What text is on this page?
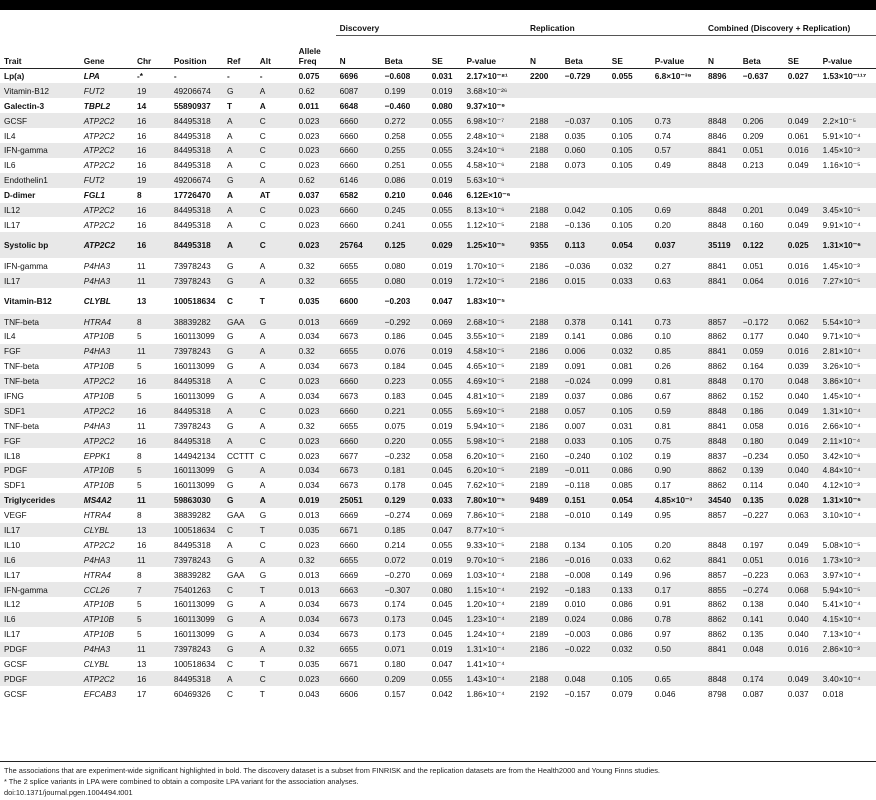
							Discovery				Replication				Combined (Discovery + Replication)			
Trait	Gene	Chr	Position	Ref	Alt	Allele Freq	N	Beta	SE	P-value	N	Beta	SE	P-value	N	Beta	SE	P-value
Lp(a)	LPA	-*	-	-	-	0.075	6696	−0.608	0.031	2.17×10⁻⁸¹	2200	−0.729	0.055	6.8×10⁻³⁹	8896	−0.637	0.027	1.53×10⁻¹¹⁷
Vitamin-B12	FUT2	19	49206674	G	A	0.62	6087	0.199	0.019	3.68×10⁻²⁶								
Galectin-3	TBPL2	14	55890937	T	A	0.011	6648	−0.460	0.080	9.37×10⁻⁹								
GCSF	ATP2C2	16	84495318	A	C	0.023	6660	0.272	0.055	6.98×10⁻⁷	2188	−0.037	0.105	0.73	8848	0.206	0.049	2.2×10⁻⁵
IL4	ATP2C2	16	84495318	A	C	0.023	6660	0.258	0.055	2.48×10⁻⁶	2188	0.035	0.105	0.74	8846	0.209	0.061	5.91×10⁻⁴
IFN-gamma	ATP2C2	16	84495318	A	C	0.023	6660	0.255	0.055	3.24×10⁻⁶	2188	0.060	0.105	0.57	8841	0.051	0.016	1.45×10⁻³
IL6	ATP2C2	16	84495318	A	C	0.023	6660	0.251	0.055	4.58×10⁻⁶	2188	0.073	0.105	0.49	8848	0.213	0.049	1.16×10⁻⁵
Endothelin1	FUT2	19	49206674	G	A	0.62	6146	0.086	0.019	5.63×10⁻⁶								
D-dimer	FGL1	8	17726470	A	AT	0.037	6582	0.210	0.046	6.12E×10⁻⁶								
IL12	ATP2C2	16	84495318	A	C	0.023	6660	0.245	0.055	8.13×10⁻⁶	2188	0.042	0.105	0.69	8848	0.201	0.049	3.45×10⁻⁵
IL17	ATP2C2	16	84495318	A	C	0.023	6660	0.241	0.055	1.12×10⁻⁵	2188	−0.136	0.105	0.20	8848	0.160	0.049	9.91×10⁻⁴
Systolic bp	ATP2C2	16	84495318	A	C	0.023	25764	0.125	0.029	1.25×10⁻⁵	9355	0.113	0.054	0.037	35119	0.122	0.025	1.31×10⁻⁶
IFN-gamma	P4HA3	11	73978243	G	A	0.32	6655	0.080	0.019	1.70×10⁻⁵	2186	−0.036	0.032	0.27	8841	0.051	0.016	1.45×10⁻³
IL17	P4HA3	11	73978243	G	A	0.32	6655	0.080	0.019	1.72×10⁻⁵	2186	0.015	0.033	0.63	8841	0.064	0.016	7.27×10⁻⁵
Vitamin-B12	CLYBL	13	100518634	C	T	0.035	6600	−0.203	0.047	1.83×10⁻⁵								
TNF-beta	HTRA4	8	38839282	GAA	G	0.013	6669	−0.292	0.069	2.68×10⁻⁵	2188	0.378	0.141	0.73	8857	−0.172	0.062	5.54×10⁻³
IL4	ATP10B	5	160113099	G	A	0.034	6673	0.186	0.045	3.55×10⁻⁵	2189	0.141	0.086	0.10	8862	0.177	0.040	9.71×10⁻⁶
FGF	P4HA3	11	73978243	G	A	0.32	6655	0.076	0.019	4.58×10⁻⁵	2186	0.006	0.032	0.85	8841	0.059	0.016	2.81×10⁻⁴
TNF-beta	ATP10B	5	160113099	G	A	0.034	6673	0.184	0.045	4.65×10⁻⁵	2189	0.091	0.081	0.26	8862	0.164	0.039	3.26×10⁻⁵
TNF-beta	ATP2C2	16	84495318	A	C	0.023	6660	0.223	0.055	4.69×10⁻⁵	2188	−0.024	0.099	0.81	8848	0.170	0.048	3.86×10⁻⁴
IFNG	ATP10B	5	160113099	G	A	0.034	6673	0.183	0.045	4.81×10⁻⁵	2189	0.037	0.086	0.67	8862	0.152	0.040	1.45×10⁻⁴
SDF1	ATP2C2	16	84495318	A	C	0.023	6660	0.221	0.055	5.69×10⁻⁵	2188	0.057	0.105	0.59	8848	0.186	0.049	1.31×10⁻⁴
TNF-beta	P4HA3	11	73978243	G	A	0.32	6655	0.075	0.019	5.94×10⁻⁵	2186	0.007	0.031	0.81	8841	0.058	0.016	2.66×10⁻⁴
FGF	ATP2C2	16	84495318	A	C	0.023	6660	0.220	0.055	5.98×10⁻⁵	2188	0.033	0.105	0.75	8848	0.180	0.049	2.11×10⁻⁴
IL18	EPPK1	8	144942134	CCTTT	C	0.023	6677	−0.232	0.058	6.20×10⁻⁵	2160	−0.240	0.102	0.19	8837	−0.234	0.050	3.42×10⁻⁶
PDGF	ATP10B	5	160113099	G	A	0.034	6673	0.181	0.045	6.20×10⁻⁵	2189	−0.011	0.086	0.90	8862	0.139	0.040	4.84×10⁻⁴
SDF1	ATP10B	5	160113099	G	A	0.034	6673	0.178	0.045	7.62×10⁻⁵	2189	−0.118	0.085	0.17	8862	0.114	0.040	4.12×10⁻³
Triglycerides	MS4A2	11	59863030	G	A	0.019	25051	0.129	0.033	7.80×10⁻⁵	9489	0.151	0.054	4.85×10⁻³	34540	0.135	0.028	1.31×10⁻⁶
VEGF	HTRA4	8	38839282	GAA	G	0.013	6669	−0.274	0.069	7.86×10⁻⁵	2188	−0.010	0.149	0.95	8857	−0.227	0.063	3.10×10⁻⁴
IL17	CLYBL	13	100518634	C	T	0.035	6671	0.185	0.047	8.77×10⁻⁵								
IL10	ATP2C2	16	84495318	A	C	0.023	6660	0.214	0.055	9.33×10⁻⁵	2188	0.134	0.105	0.20	8848	0.197	0.049	5.08×10⁻⁵
IL6	P4HA3	11	73978243	G	A	0.32	6655	0.072	0.019	9.70×10⁻⁵	2186	−0.016	0.033	0.62	8841	0.051	0.016	1.73×10⁻³
IL17	HTRA4	8	38839282	GAA	G	0.013	6669	−0.270	0.069	1.03×10⁻⁴	2188	−0.008	0.149	0.96	8857	−0.223	0.063	3.97×10⁻⁴
IFN-gamma	CCL26	7	75401263	C	T	0.013	6663	−0.307	0.080	1.15×10⁻⁴	2192	−0.183	0.133	0.17	8855	−0.274	0.068	5.94×10⁻⁵
IL12	ATP10B	5	160113099	G	A	0.034	6673	0.174	0.045	1.20×10⁻⁴	2189	0.010	0.086	0.91	8862	0.138	0.040	5.41×10⁻⁴
IL6	ATP10B	5	160113099	G	A	0.034	6673	0.173	0.045	1.23×10⁻⁴	2189	0.024	0.086	0.78	8862	0.141	0.040	4.15×10⁻⁴
IL17	ATP10B	5	160113099	G	A	0.034	6673	0.173	0.045	1.24×10⁻⁴	2189	−0.003	0.086	0.97	8862	0.135	0.040	7.13×10⁻⁴
PDGF	P4HA3	11	73978243	G	A	0.32	6655	0.071	0.019	1.31×10⁻⁴	2186	−0.022	0.032	0.50	8841	0.048	0.016	2.86×10⁻³
GCSF	CLYBL	13	100518634	C	T	0.035	6671	0.180	0.047	1.41×10⁻⁴								
PDGF	ATP2C2	16	84495318	A	C	0.023	6660	0.209	0.055	1.43×10⁻⁴	2188	0.048	0.105	0.65	8848	0.174	0.049	3.40×10⁻⁴
GCSF	EFCAB3	17	60469326	C	T	0.043	6606	0.157	0.042	1.86×10⁻⁴	2192	−0.157	0.079	0.046	8798	0.087	0.037	0.018
The associations that are experiment-wide significant highlighted in bold. The discovery dataset is a subset from FINRISK and the replication datasets are from the Health2000 and Young Finns studies.
* The 2 splice variants in LPA were combined to obtain a composite LPA variant for the association analyses.
doi:10.1371/journal.pgen.1004494.t001
